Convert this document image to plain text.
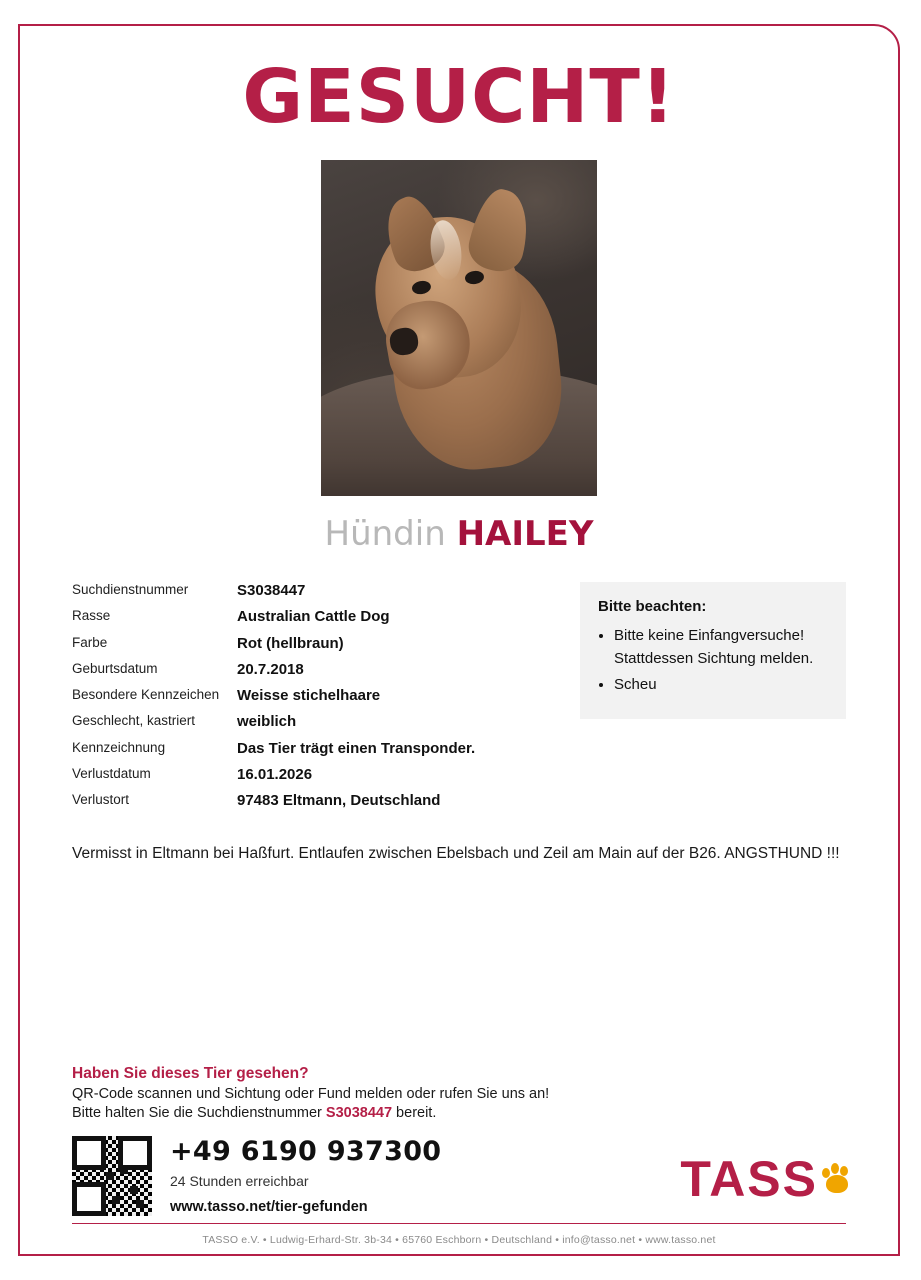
GESUCHT!
Hündin HAILEY
Suchdienstnummer	S3038447
Rasse	Australian Cattle Dog
Farbe	Rot (hellbraun)
Geburtsdatum	20.7.2018
Besondere Kennzeichen	Weisse stichelhaare
Geschlecht, kastriert	weiblich
Kennzeichnung	Das Tier trägt einen Transponder.
Verlustdatum	16.01.2026
Verlustort	97483 Eltmann, Deutschland
Bitte beachten:
• Bitte keine Einfangversuche! Stattdessen Sichtung melden.
• Scheu
Vermisst in Eltmann bei Haßfurt. Entlaufen zwischen Ebelsbach und Zeil am Main auf der B26. ANGSTHUND !!!
Haben Sie dieses Tier gesehen?
QR-Code scannen und Sichtung oder Fund melden oder rufen Sie uns an!
Bitte halten Sie die Suchdienstnummer S3038447 bereit.
+49 6190 937300
24 Stunden erreichbar
www.tasso.net/tier-gefunden	TASS
TASSO e.V. • Ludwig-Erhard-Str. 3b-34 • 65760 Eschborn • Deutschland • info@tasso.net • www.tasso.net
